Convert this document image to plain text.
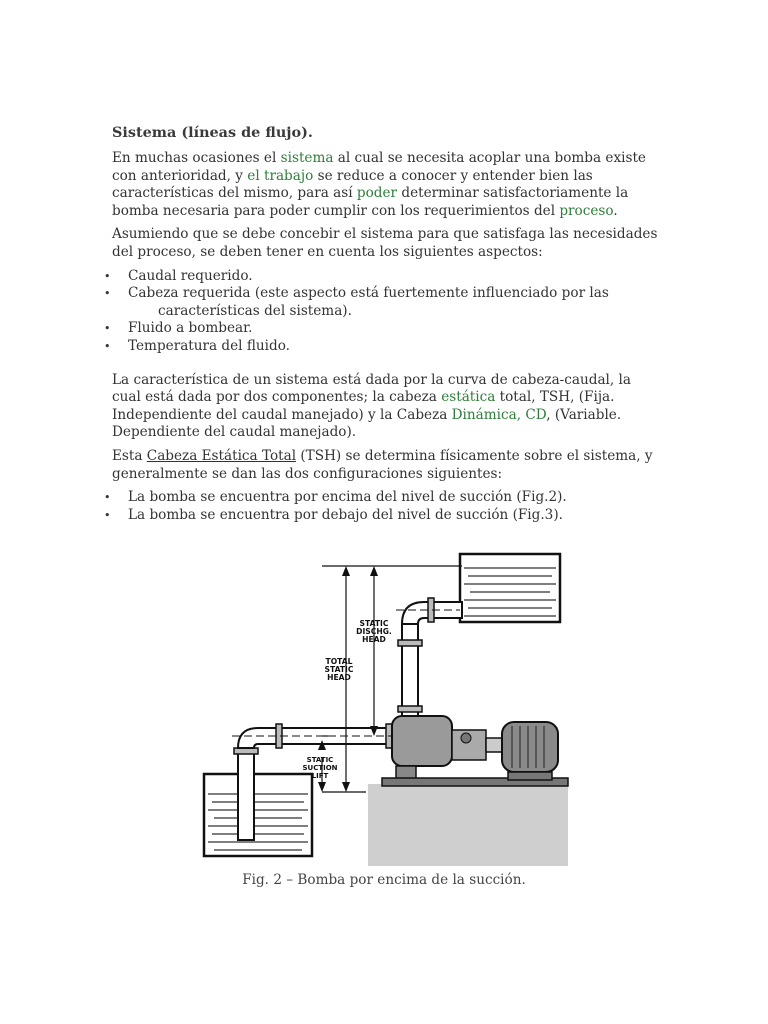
Sistema (líneas de flujo).

En muchas ocasiones el sistema al cual se necesita acoplar una bomba existe con anterioridad, y el trabajo se reduce a conocer y entender bien las características del mismo, para así poder determinar satisfactoriamente la bomba necesaria para poder cumplir con los requerimientos del proceso.

Asumiendo que se debe concebir el sistema para que satisfaga las necesidades del proceso, se deben tener en cuenta los siguientes aspectos:

• Caudal requerido.
• Cabeza requerida (este aspecto está fuertemente influenciado por las características del sistema).
• Fluido a bombear.
• Temperatura del fluido.

La característica de un sistema está dada por la curva de cabeza-caudal, la cual está dada por dos componentes; la cabeza estática total, TSH, (Fija. Independiente del caudal manejado) y la Cabeza Dinámica, CD, (Variable. Dependiente del caudal manejado).

Esta Cabeza Estática Total (TSH) se determina físicamente sobre el sistema, y generalmente se dan las dos configuraciones siguientes:

• La bomba se encuentra por encima del nivel de succión (Fig.2).
• La bomba se encuentra por debajo del nivel de succión (Fig.3).
STATIC
DISCHG.
HEAD
TOTAL
STATIC
HEAD
STATIC
SUCTION
LIFT
Fig. 2 – Bomba por encima de la succión.
